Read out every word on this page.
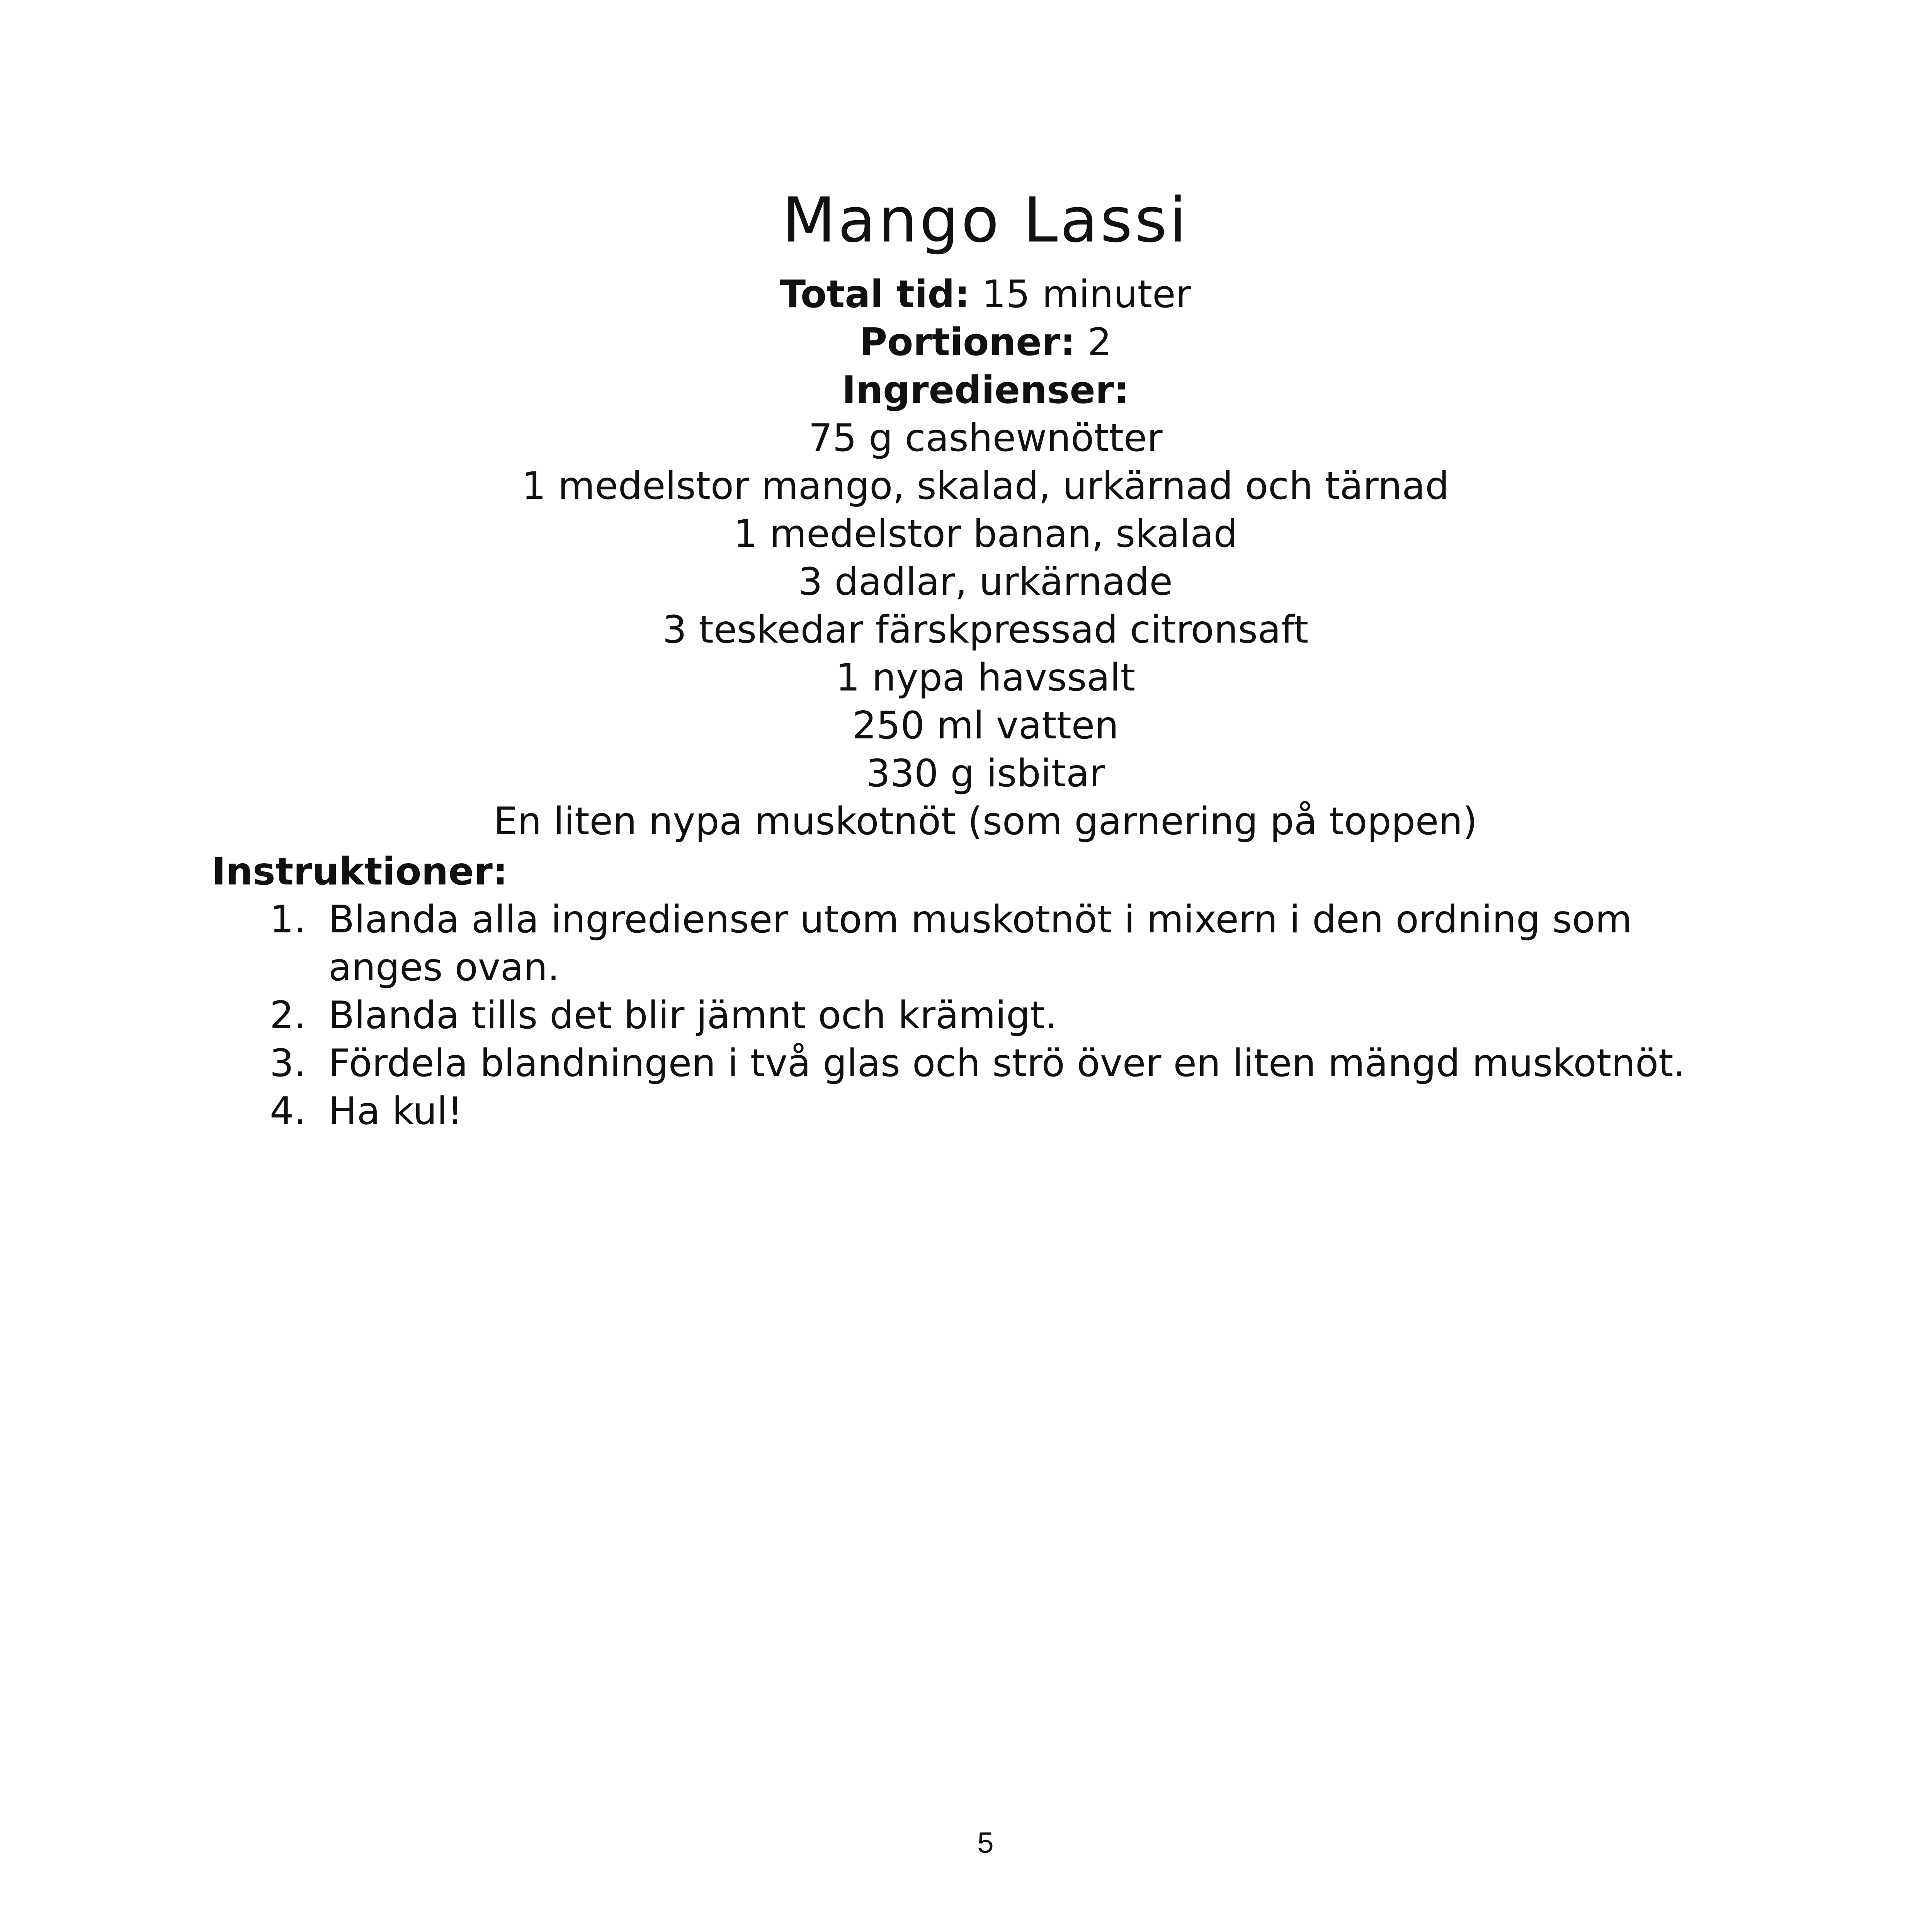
Mango Lassi
Total tid: 15 minuter
Portioner: 2
Ingredienser:
75 g cashewnötter
1 medelstor mango, skalad, urkärnad och tärnad
1 medelstor banan, skalad
3 dadlar, urkärnade
3 teskedar färskpressad citronsaft
1 nypa havssalt
250 ml vatten
330 g isbitar
En liten nypa muskotnöt (som garnering på toppen)
Instruktioner:
1. Blanda alla ingredienser utom muskotnöt i mixern i den ordning som anges ovan.
2. Blanda tills det blir jämnt och krämigt.
3. Fördela blandningen i två glas och strö över en liten mängd muskotnöt.
4. Ha kul!
5
